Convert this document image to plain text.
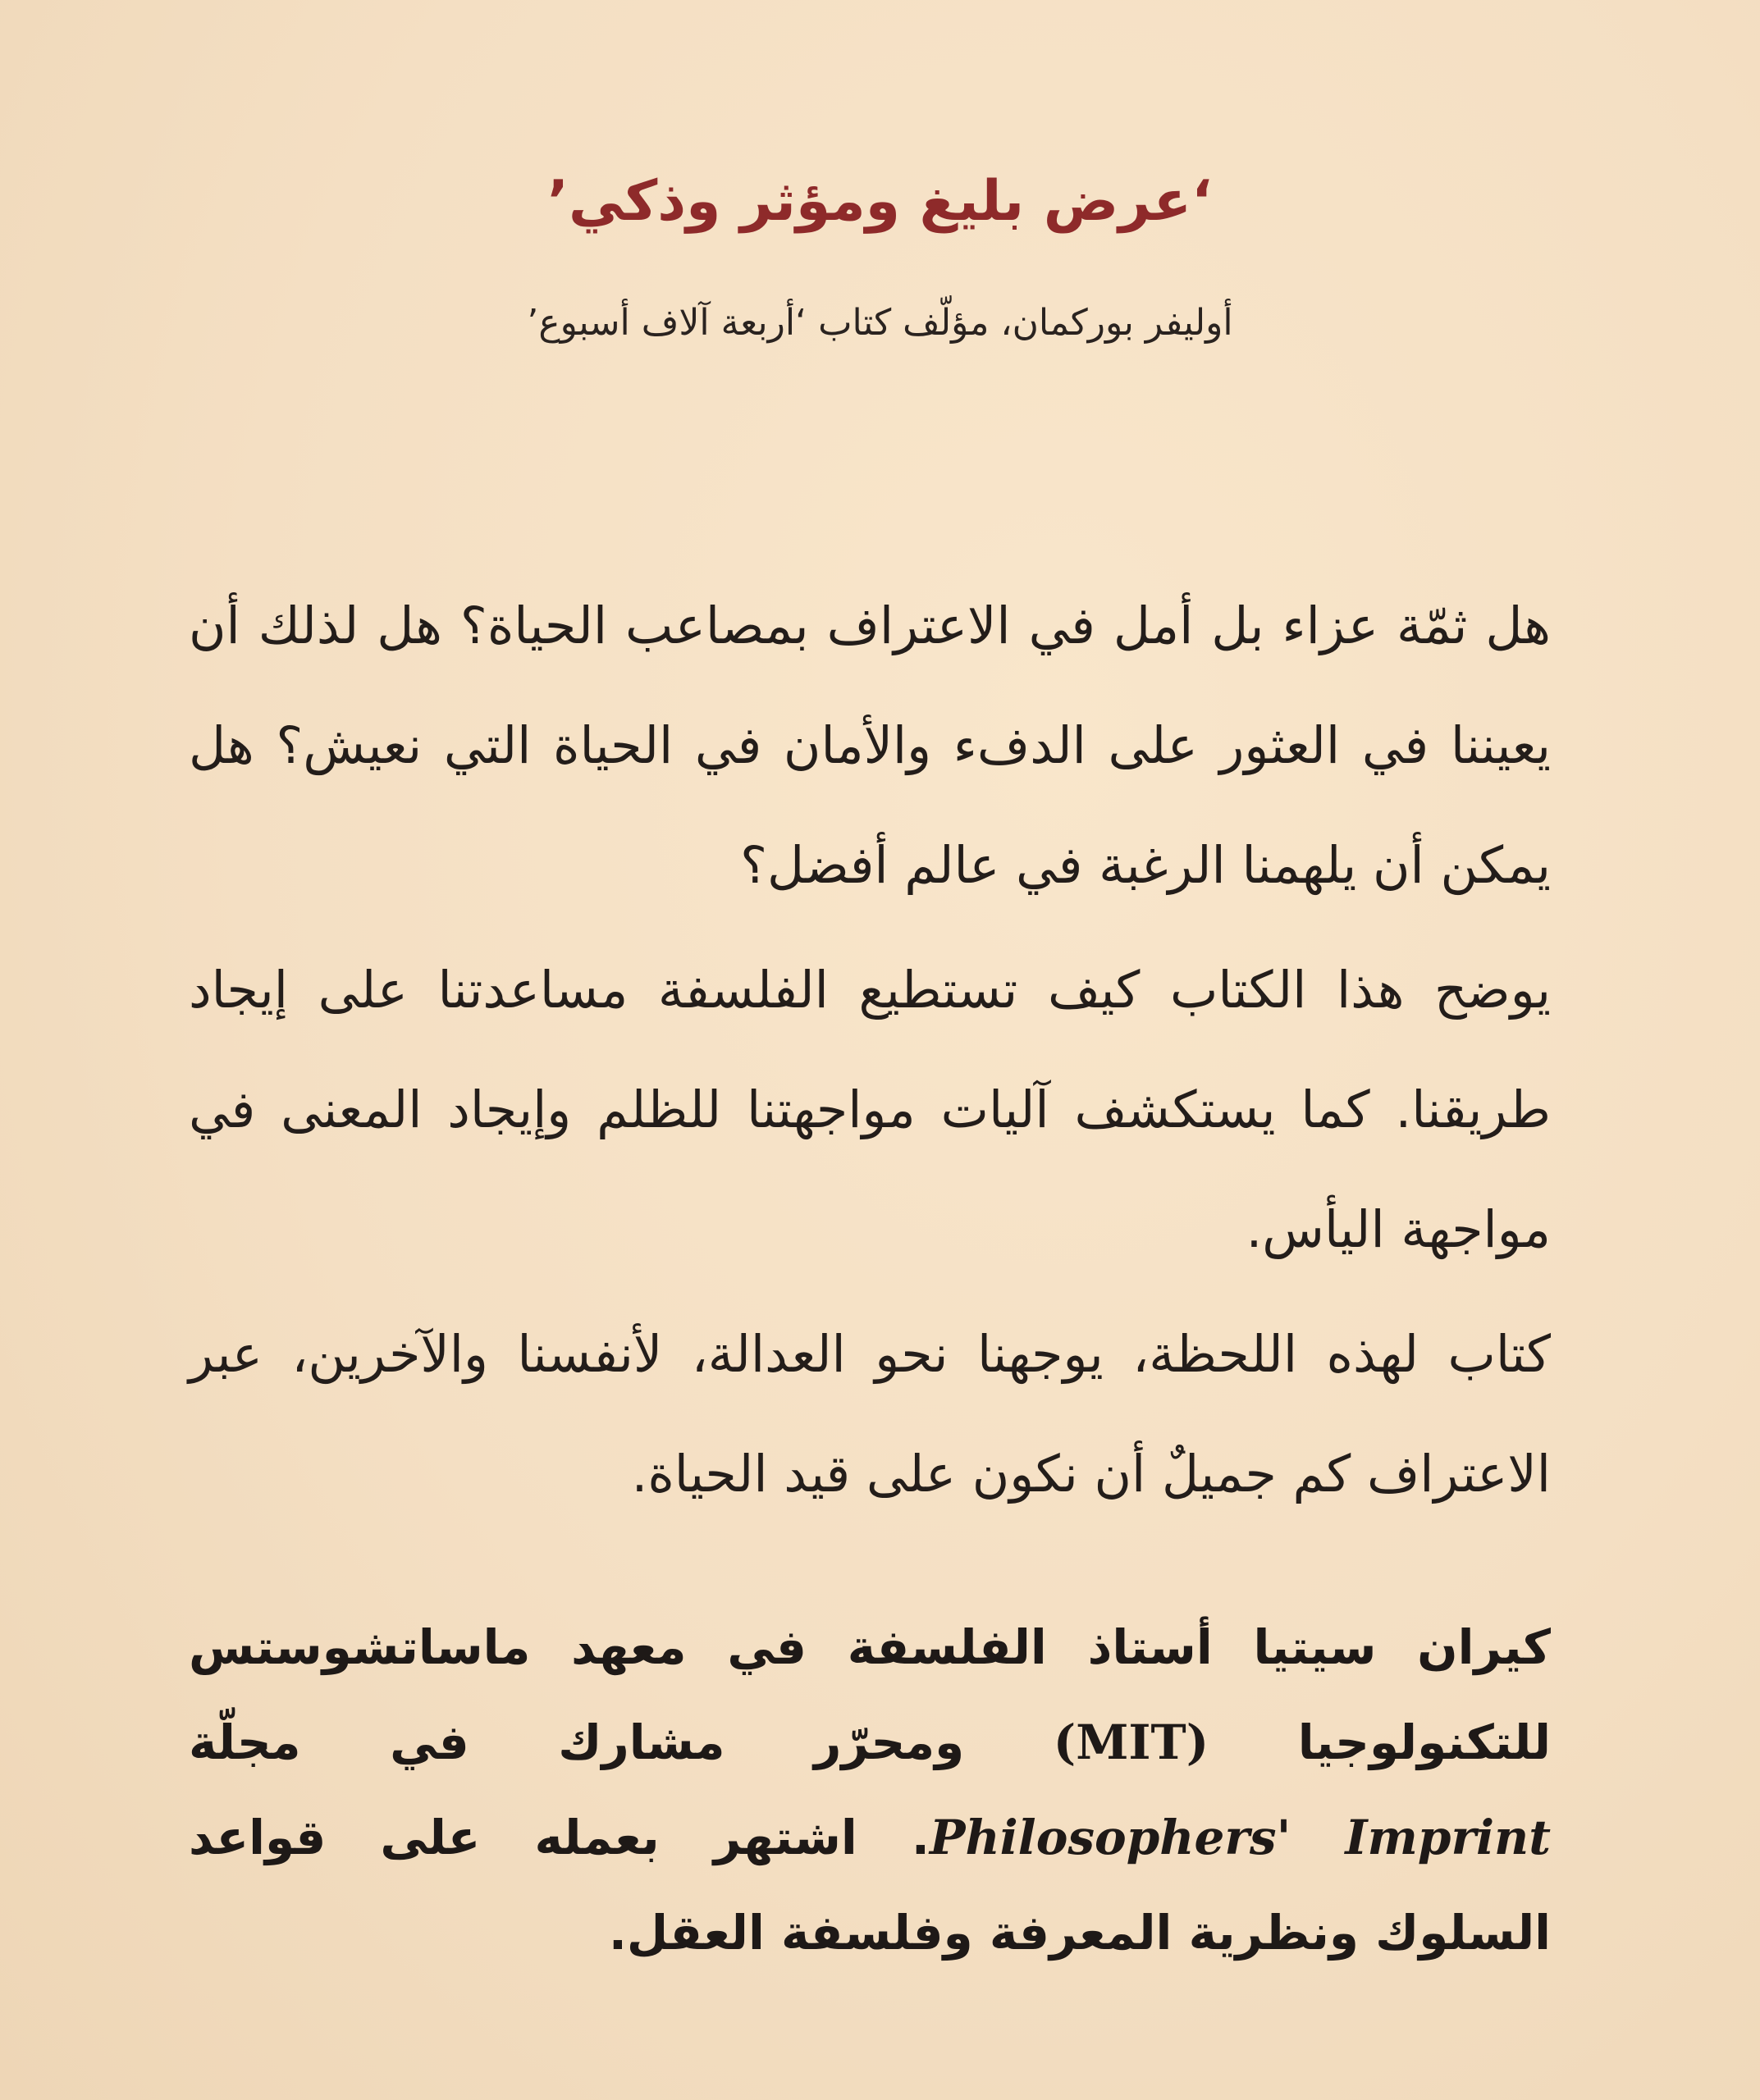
‘عرض بليغ ومؤثر وذكي’
أوليفر بوركمان، مؤلّف كتاب ‘أربعة آلاف أسبوع’

هل ثمّة عزاء بل أمل في الاعتراف بمصاعب الحياة؟ هل لذلك أن يعيننا في العثور على الدفء والأمان في الحياة التي نعيش؟ هل يمكن أن يلهمنا الرغبة في عالم أفضل؟

يوضح هذا الكتاب كيف تستطيع الفلسفة مساعدتنا على إيجاد طريقنا. كما يستكشف آليات مواجهتنا للظلم وإيجاد المعنى في مواجهة اليأس.

كتاب لهذه اللحظة، يوجهنا نحو العدالة، لأنفسنا والآخرين، عبر الاعتراف كم جميلٌ أن نكون على قيد الحياة.

كيران سيتيا أستاذ الفلسفة في معهد ماساتشوستس للتكنولوجيا (MIT) ومحرّر مشارك في مجلّة Philosophers' Imprint. اشتهر بعمله على قواعد السلوك ونظرية المعرفة وفلسفة العقل.
